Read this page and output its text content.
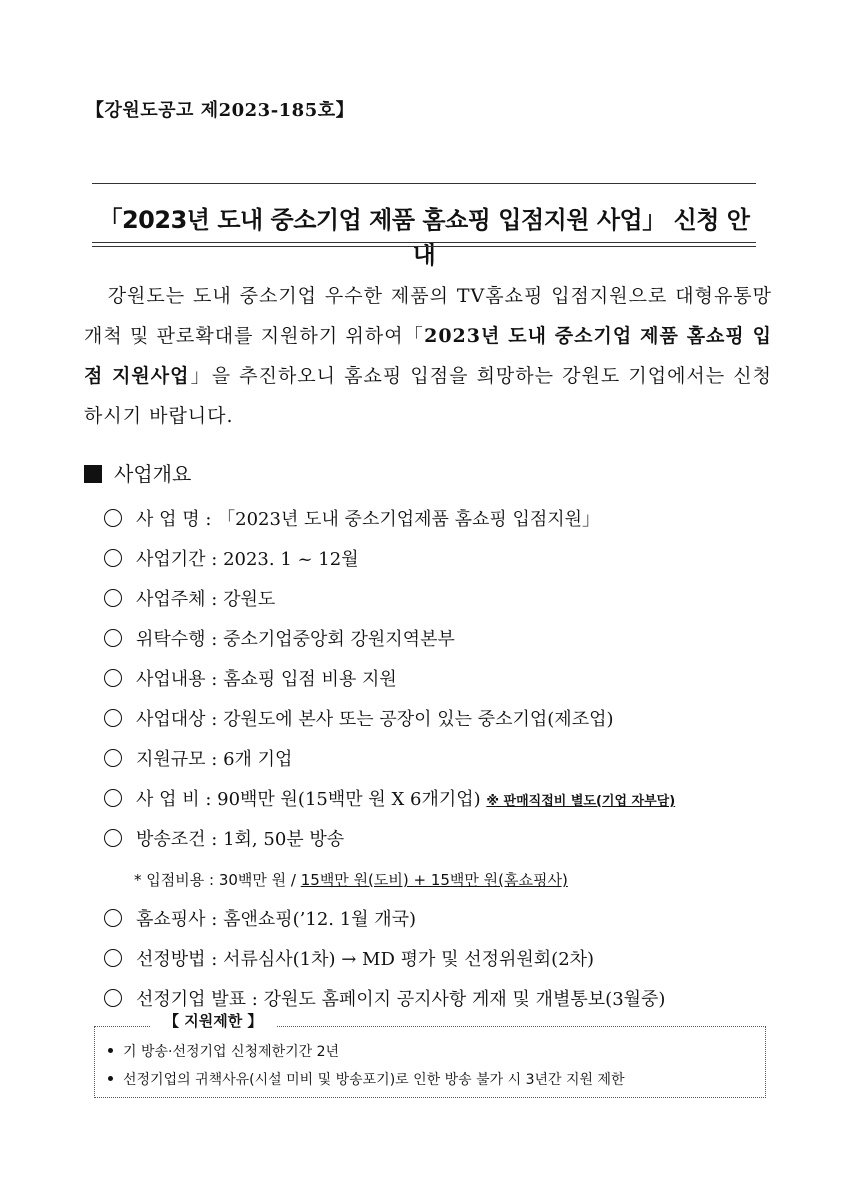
【강원도공고 제2023-185호】
「2023년 도내 중소기업 제품 홈쇼핑 입점지원 사업」 신청 안내
강원도는 도내 중소기업 우수한 제품의 TV홈쇼핑 입점지원으로 대형유통망 개척 및 판로확대를 지원하기 위하여「2023년 도내 중소기업 제품 홈쇼핑 입점 지원사업」을 추진하오니 홈쇼핑 입점을 희망하는 강원도 기업에서는 신청하시기 바랍니다.
사업개요
사 업 명 : 「2023년 도내 중소기업제품 홈쇼핑 입점지원」
사업기간 : 2023. 1 ~ 12월
사업주체 : 강원도
위탁수행 : 중소기업중앙회 강원지역본부
사업내용 : 홈쇼핑 입점 비용 지원
사업대상 : 강원도에 본사 또는 공장이 있는 중소기업(제조업)
지원규모 : 6개 기업
사 업 비 : 90백만 원(15백만 원 X 6개기업) ※ 판매직접비 별도(기업 자부담)
방송조건 : 1회, 50분 방송
* 입점비용 : 30백만 원 / 15백만 원(도비) + 15백만 원(홈쇼핑사)
홈쇼핑사 : 홈앤쇼핑(’12. 1월 개국)
선정방법 : 서류심사(1차) → MD 평가 및 선정위원회(2차)
선정기업 발표 : 강원도 홈페이지 공지사항 게재 및 개별통보(3월중)
【 지원제한 】
기 방송·선정기업 신청제한기간 2년
선정기업의 귀책사유(시설 미비 및 방송포기)로 인한 방송 불가 시 3년간 지원 제한
